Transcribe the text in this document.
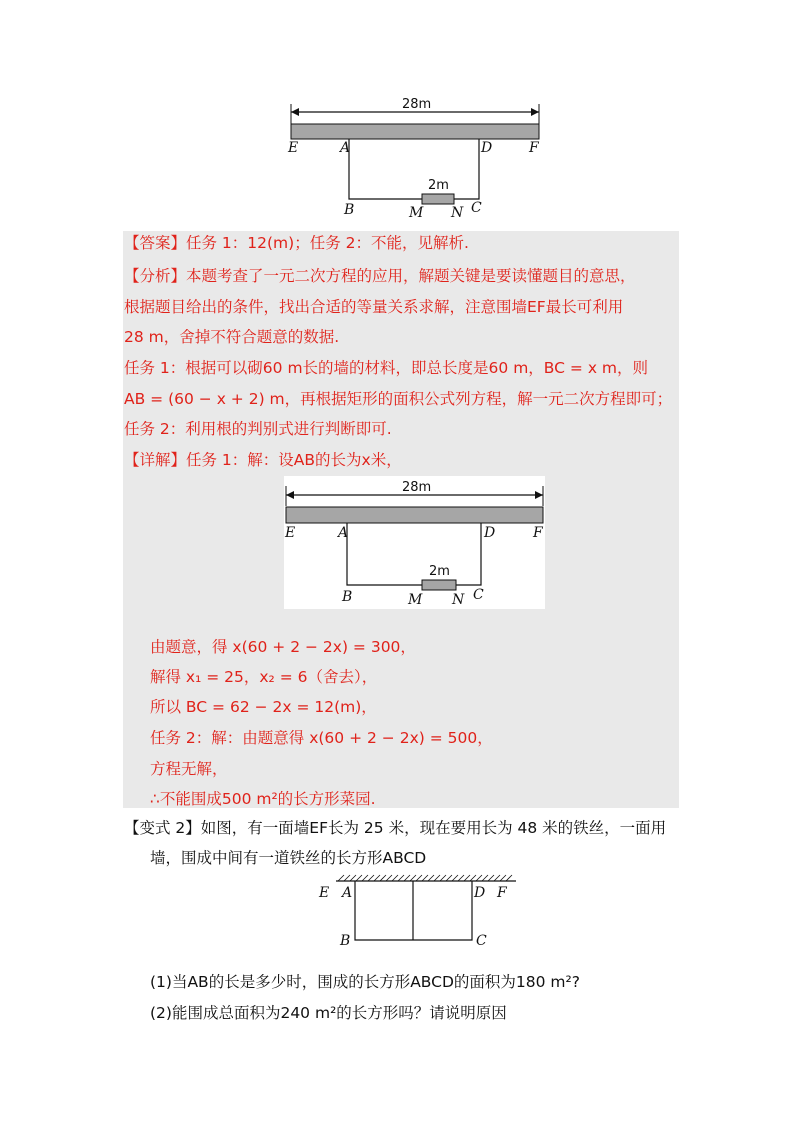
28m
2m
E	A	D	F
B	M N C
【答案】任务 1：12(m)；任务 2：不能，见解析.
【分析】本题考查了一元二次方程的应用，解题关键是要读懂题目的意思，
根据题目给出的条件，找出合适的等量关系求解，注意围墙EF最长可利用
28 m，舍掉不符合题意的数据.
任务 1：根据可以砌60 m长的墙的材料，即总长度是60 m，BC = x m，则
AB = (60 − x + 2) m，再根据矩形的面积公式列方程，解一元二次方程即可；
任务 2：利用根的判别式进行判断即可.
【详解】任务 1：解：设AB的长为x米，
28m
2m
E	A	D	F
B	M N C
由题意，得 x(60 + 2 − 2x) = 300，
解得 x₁ = 25，x₂ = 6（舍去），
所以 BC = 62 − 2x = 12(m)，
任务 2：解：由题意得 x(60 + 2 − 2x) = 500，
方程无解，
∴不能围成500 m²的长方形菜园.
【变式 2】如图，有一面墙EF长为 25 米，现在要用长为 48 米的铁丝，一面用
墙，围成中间有一道铁丝的长方形ABCD
E A	D F
B	C
(1)当AB的长是多少时，围成的长方形ABCD的面积为180 m²?
(2)能围成总面积为240 m²的长方形吗？请说明原因
